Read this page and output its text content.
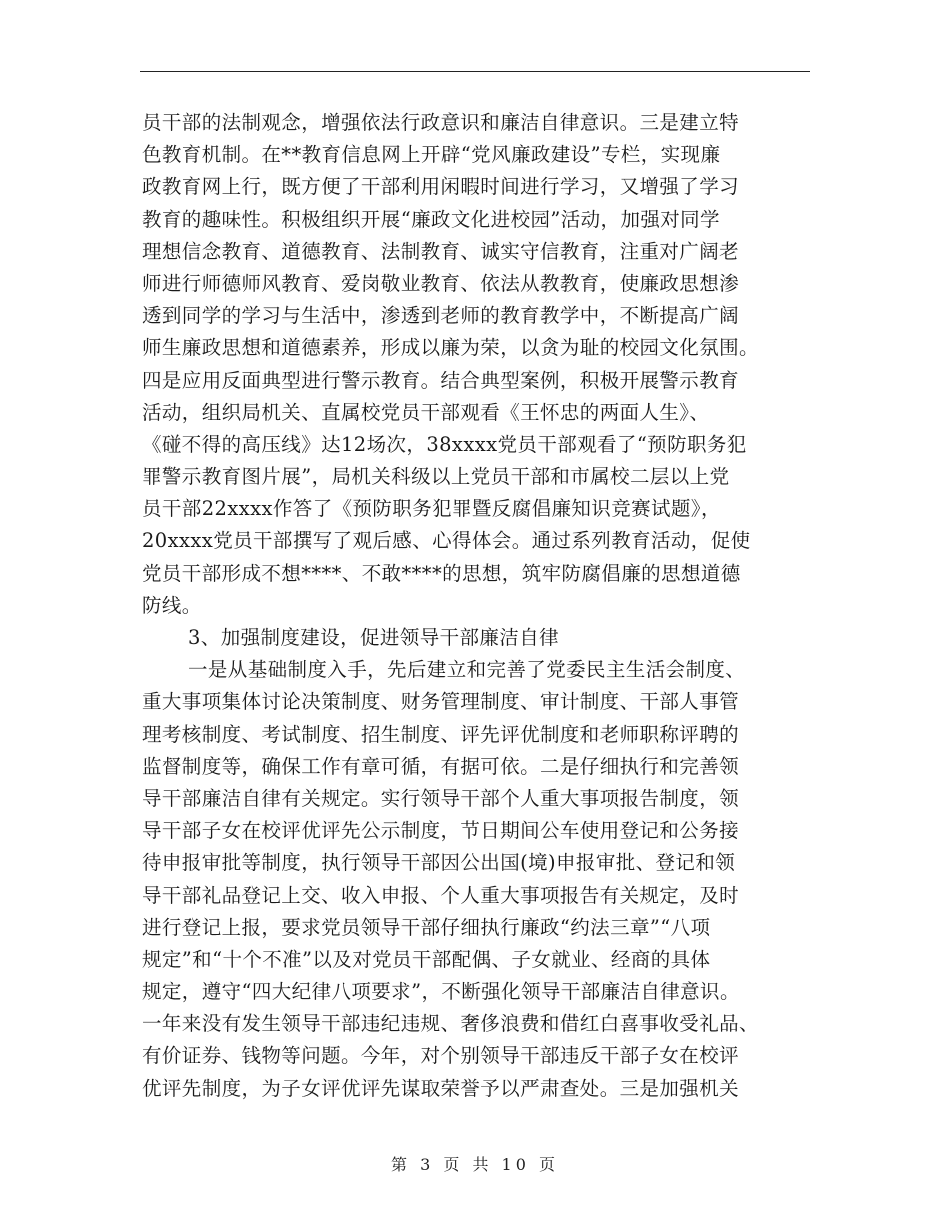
员干部的法制观念，增强依法行政意识和廉洁自律意识。三是建立特
色教育机制。在**教育信息网上开辟“党风廉政建设”专栏，实现廉
政教育网上行，既方便了干部利用闲暇时间进行学习，又增强了学习
教育的趣味性。积极组织开展“廉政文化进校园”活动，加强对同学
理想信念教育、道德教育、法制教育、诚实守信教育，注重对广阔老
师进行师德师风教育、爱岗敬业教育、依法从教教育，使廉政思想渗
透到同学的学习与生活中，渗透到老师的教育教学中，不断提高广阔
师生廉政思想和道德素养，形成以廉为荣，以贪为耻的校园文化氛围。
四是应用反面典型进行警示教育。结合典型案例，积极开展警示教育
活动，组织局机关、直属校党员干部观看《王怀忠的两面人生》、
《碰不得的高压线》达12场次，38xxxx党员干部观看了“预防职务犯
罪警示教育图片展”，局机关科级以上党员干部和市属校二层以上党
员干部22xxxx作答了《预防职务犯罪暨反腐倡廉知识竞赛试题》，
20xxxx党员干部撰写了观后感、心得体会。通过系列教育活动，促使
党员干部形成不想****、不敢****的思想，筑牢防腐倡廉的思想道德
防线。
3、加强制度建设，促进领导干部廉洁自律
一是从基础制度入手，先后建立和完善了党委民主生活会制度、
重大事项集体讨论决策制度、财务管理制度、审计制度、干部人事管
理考核制度、考试制度、招生制度、评先评优制度和老师职称评聘的
监督制度等，确保工作有章可循，有据可依。二是仔细执行和完善领
导干部廉洁自律有关规定。实行领导干部个人重大事项报告制度，领
导干部子女在校评优评先公示制度，节日期间公车使用登记和公务接
待申报审批等制度，执行领导干部因公出国(境)申报审批、登记和领
导干部礼品登记上交、收入申报、个人重大事项报告有关规定，及时
进行登记上报，要求党员领导干部仔细执行廉政“约法三章”“八项
规定”和“十个不准”以及对党员干部配偶、子女就业、经商的具体
规定，遵守“四大纪律八项要求”，不断强化领导干部廉洁自律意识。
一年来没有发生领导干部违纪违规、奢侈浪费和借红白喜事收受礼品、
有价证券、钱物等问题。今年，对个别领导干部违反干部子女在校评
优评先制度，为子女评优评先谋取荣誉予以严肃查处。三是加强机关
第 3 页 共 10 页
